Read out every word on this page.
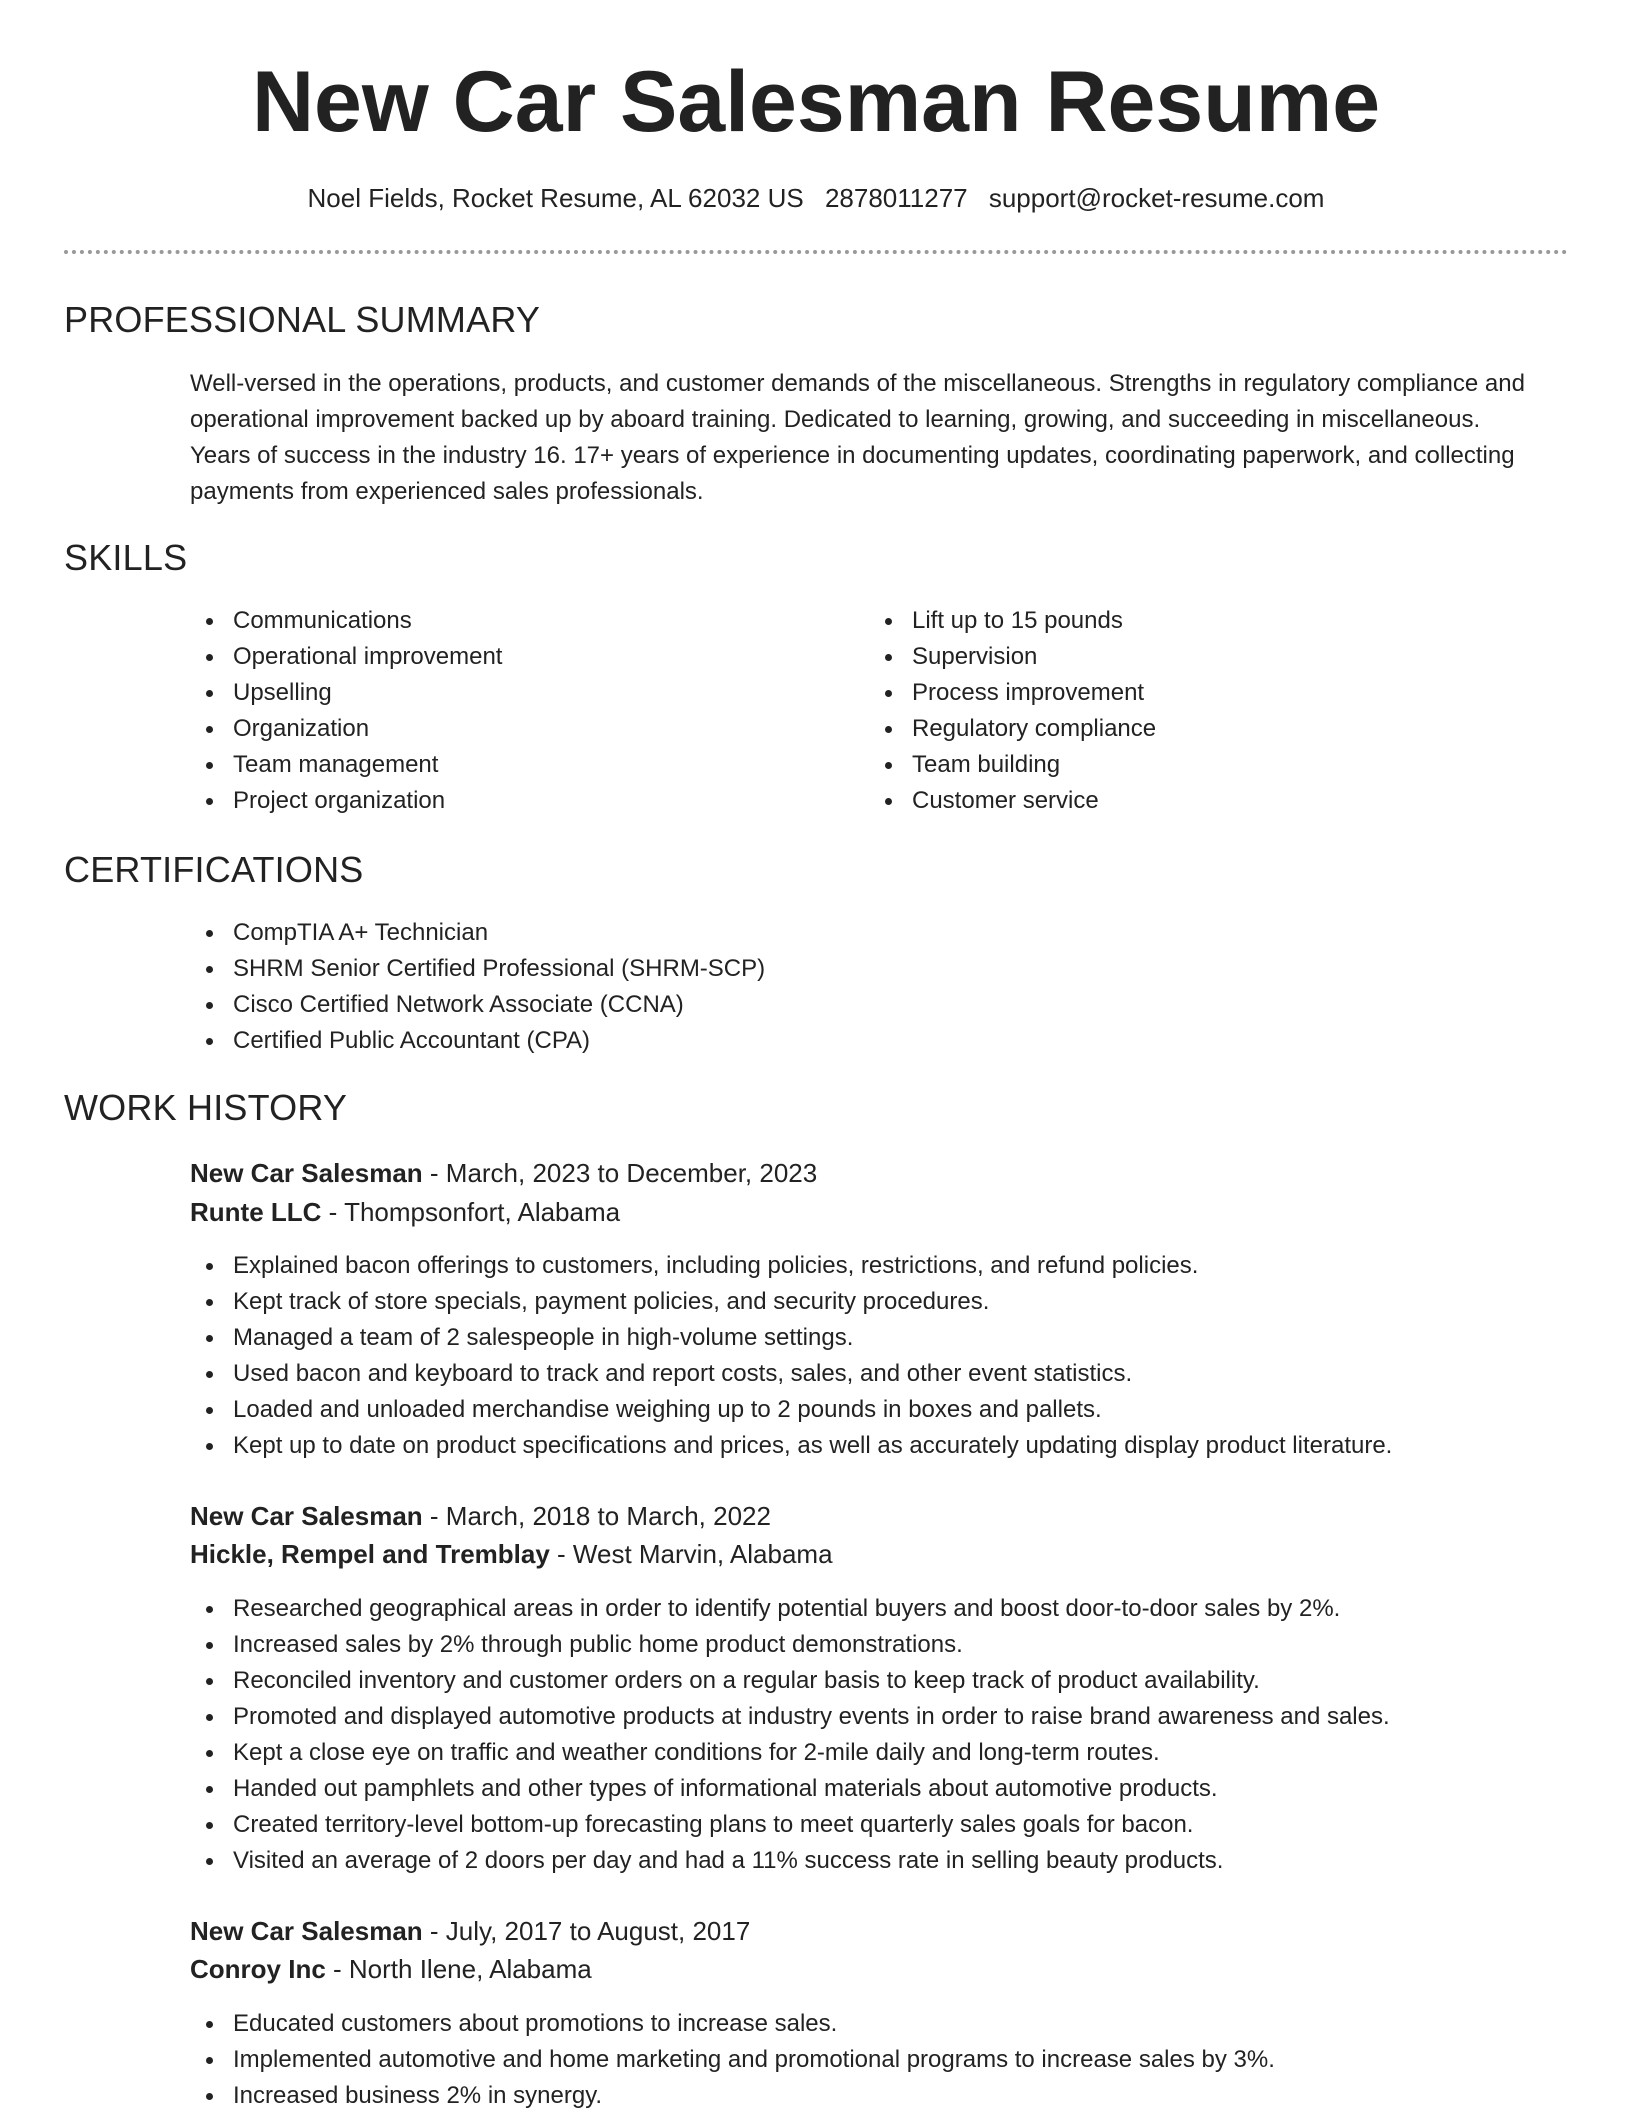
New Car Salesman Resume
Noel Fields, Rocket Resume, AL 62032 US 2878011277 support@rocket-resume.com
PROFESSIONAL SUMMARY

Well-versed in the operations, products, and customer demands of the miscellaneous. Strengths in regulatory compliance and operational improvement backed up by aboard training. Dedicated to learning, growing, and succeeding in miscellaneous. Years of success in the industry 16. 17+ years of experience in documenting updates, coordinating paperwork, and collecting payments from experienced sales professionals.

SKILLS
Communications
Operational improvement
Upselling
Organization
Team management
Project organization
Lift up to 15 pounds
Supervision
Process improvement
Regulatory compliance
Team building
Customer service
CERTIFICATIONS
CompTIA A+ Technician
SHRM Senior Certified Professional (SHRM-SCP)
Cisco Certified Network Associate (CCNA)
Certified Public Accountant (CPA)
WORK HISTORY
New Car Salesman - March, 2023 to December, 2023
Runte LLC - Thompsonfort, Alabama
Explained bacon offerings to customers, including policies, restrictions, and refund policies.
Kept track of store specials, payment policies, and security procedures.
Managed a team of 2 salespeople in high-volume settings.
Used bacon and keyboard to track and report costs, sales, and other event statistics.
Loaded and unloaded merchandise weighing up to 2 pounds in boxes and pallets.
Kept up to date on product specifications and prices, as well as accurately updating display product literature.
New Car Salesman - March, 2018 to March, 2022
Hickle, Rempel and Tremblay - West Marvin, Alabama
Researched geographical areas in order to identify potential buyers and boost door-to-door sales by 2%.
Increased sales by 2% through public home product demonstrations.
Reconciled inventory and customer orders on a regular basis to keep track of product availability.
Promoted and displayed automotive products at industry events in order to raise brand awareness and sales.
Kept a close eye on traffic and weather conditions for 2-mile daily and long-term routes.
Handed out pamphlets and other types of informational materials about automotive products.
Created territory-level bottom-up forecasting plans to meet quarterly sales goals for bacon.
Visited an average of 2 doors per day and had a 11% success rate in selling beauty products.
New Car Salesman - July, 2017 to August, 2017
Conroy Inc - North Ilene, Alabama
Educated customers about promotions to increase sales.
Implemented automotive and home marketing and promotional programs to increase sales by 3%.
Increased business 2% in synergy.
